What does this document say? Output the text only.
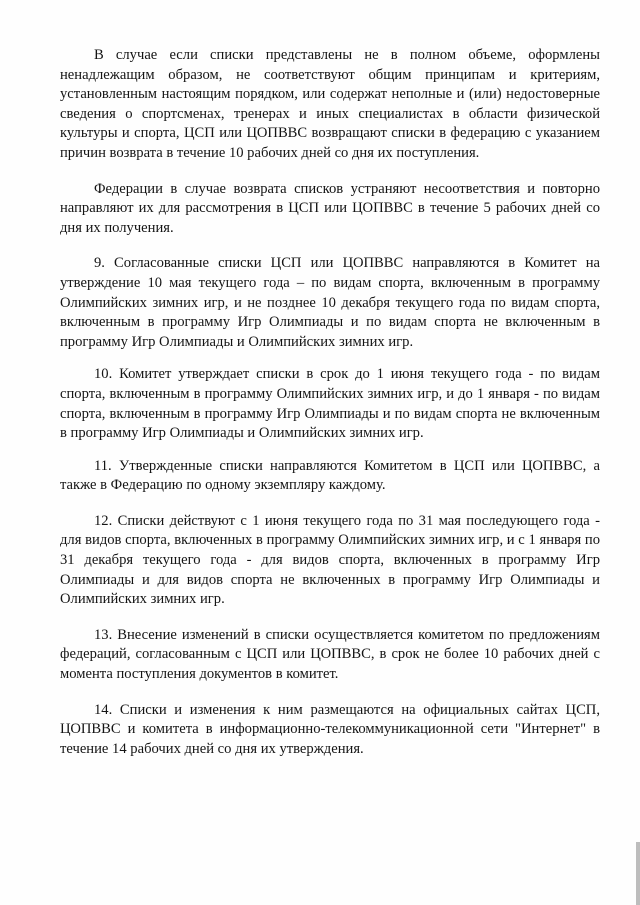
В случае если списки представлены не в полном объеме, оформлены ненадлежащим образом, не соответствуют общим принципам и критериям, установленным настоящим порядком, или содержат неполные и (или) недостоверные сведения о спортсменах, тренерах и иных специалистах в области физической культуры и спорта, ЦСП или ЦОПВВС возвращают списки в федерацию с указанием причин возврата в течение 10 рабочих дней со дня их поступления.

Федерации в случае возврата списков устраняют несоответствия и повторно направляют их для рассмотрения в ЦСП или ЦОПВВС в течение 5 рабочих дней со дня их получения.

9. Согласованные списки ЦСП или ЦОПВВС направляются в Комитет на утверждение 10 мая текущего года – по видам спорта, включенным в программу Олимпийских зимних игр, и не позднее 10 декабря текущего года по видам спорта, включенным в программу Игр Олимпиады и по видам спорта не включенным в программу Игр Олимпиады и Олимпийских зимних игр.

10. Комитет утверждает списки в срок до 1 июня текущего года - по видам спорта, включенным в программу Олимпийских зимних игр, и до 1 января - по видам спорта, включенным в программу Игр Олимпиады и по видам спорта не включенным в программу Игр Олимпиады и Олимпийских зимних игр.

11. Утвержденные списки направляются Комитетом в ЦСП или ЦОПВВС, а также в Федерацию по одному экземпляру каждому.

12. Списки действуют с 1 июня текущего года по 31 мая последующего года - для видов спорта, включенных в программу Олимпийских зимних игр, и с 1 января по 31 декабря текущего года - для видов спорта, включенных в программу Игр Олимпиады и для видов спорта не включенных в программу Игр Олимпиады и Олимпийских зимних игр.

13. Внесение изменений в списки осуществляется комитетом по предложениям федераций, согласованным с ЦСП или ЦОПВВС, в срок не более 10 рабочих дней с момента поступления документов в комитет.

14. Списки и изменения к ним размещаются на официальных сайтах ЦСП, ЦОПВВС и комитета в информационно-телекоммуникационной сети "Интернет" в течение 14 рабочих дней со дня их утверждения.
